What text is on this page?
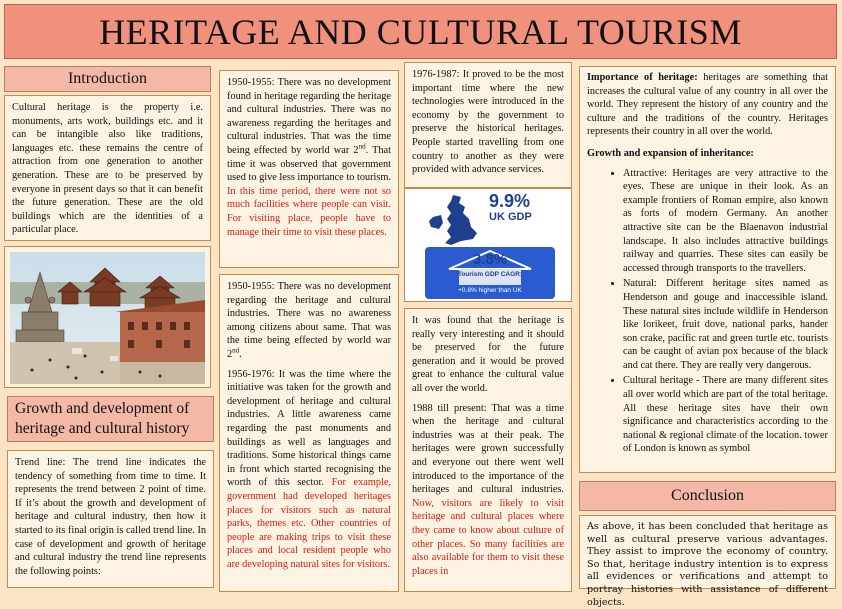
HERITAGE AND CULTURAL TOURISM
Introduction
Cultural heritage is the property i.e. monuments, arts work, buildings etc. and it can be intangible also like traditions, languages etc. these remains the centre of attraction from one generation to another generation. These are to be preserved by everyone in present days so that it can benefit the future generation. These are the old buildings which are the identities of a particular place.
Growth and development of heritage and cultural history
Trend line: The trend line indicates the tendency of something from time to time. It represents the trend between 2 point of time. If it’s about the growth and development of heritage and cultural industry, then how it started to its final origin is called trend line. In case of development and growth of heritage and cultural industry the trend line represents the following points:
1950-1955: There was no development found in heritage regarding the heritage and cultural industries. There was no awareness regarding the heritages and cultural industries. That was the time being effected by world war 2nd. That time it was observed that government used to give less importance to tourism. In this time period, there were not so much facilities where people can visit. For visiting place, people have to manage their time to visit these places.

1950-1955: There was no development regarding the heritage and cultural industries. There was no awareness among citizens about same. That was the time being effected by world war 2nd.

1956-1976: It was the time where the initiative was taken for the growth and development of heritage and cultural industries. A little awareness came regarding the past monuments and buildings as well as languages and traditions. Some historical things came in front which started recognising the worth of this sector. For example, government had developed heritages places for visitors such as natural parks, themes etc. Other countries of people are making trips to visit these places and local resident people who are developing natural sites for visitors.

1976-1987: It proved to be the most important time where the new technologies were introduced in the economy by the government to preserve the historical heritages. People started travelling from one country to another as they were provided with advance services.
9.9%
UK GDP
3.8%
Tourism GDP CAGR:
+0.8% higher than UK

It was found that the heritage is really very interesting and it should be preserved for the future generation and it would be proved great to enhance the cultural value all over the world.

1988 till present: That was a time when the heritage and cultural industries was at their peak. The heritages were grown successfully and everyone out there went well introduced to the importance of the heritages and cultural industries. Now, visitors are likely to visit heritage and cultural places where they came to know about culture of other places. So many facilities are also available for them to visit these places in

Importance of heritage: heritages are something that increases the cultural value of any country in all over the world. They represent the history of any country and the culture and the traditions of the country. Heritages represents their country in all over the world.

Growth and expansion of inheritance:

• Attractive: Heritages are very attractive to the eyes. These are unique in their look. As an example frontiers of Roman empire, also known as forts of modern Germany. An another attractive site can be the Blaenavon industrial landscape. It also includes attractive buildings railway and quarries. These sites can easily be accessed through transports to the travellers.
• Natural: Different heritage sites named as Henderson and gouge and inaccessible island. These natural sites include wildlife in Henderson like lorikeet, fruit dove, national parks, hander son crake, pacific rat and green turtle etc. tourists can be caught of avian pox because of the black and cat there. They are really very dangerous.
• Cultural heritage - There are many different sites all over world which are part of the total heritage. All these heritage sites have their own significance and characteristics according to the national & regional climate of the location. tower of London is known as symbol
Conclusion
As above, it has been concluded that heritage as well as cultural preserve various advantages. They assist to improve the economy of country. So that, heritage industry intention is to express all evidences or verifications and attempt to portray histories with assistance of different objects.
